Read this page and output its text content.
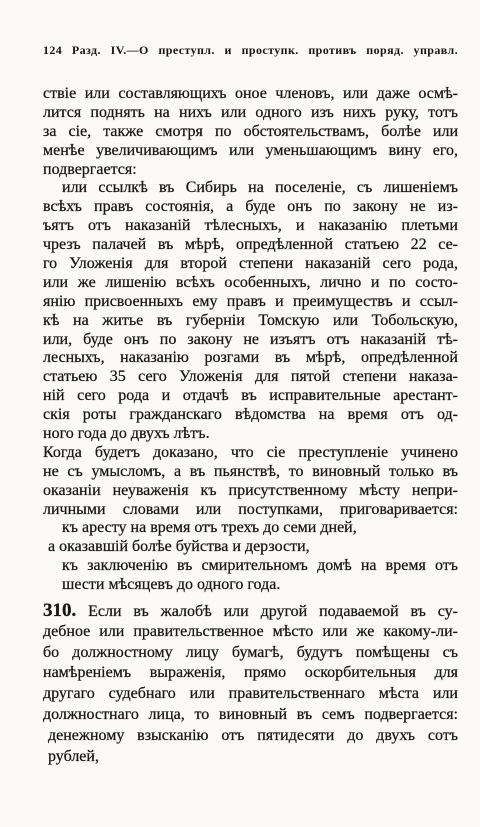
124 Разд. IV.—О преступл. и проступк. противъ поряд. управл.
ствіе или составляющихъ оное членовъ, или даже осмѣ-
лится поднять на нихъ или одного изъ нихъ руку, тотъ
за сіе, также смотря по обстоятельствамъ, болѣе или
менѣе увеличивающимъ или уменьшающимъ вину его,
подвергается:
или ссылкѣ въ Сибирь на поселеніе, съ лишеніемъ
всѣхъ правъ состоянія, а буде онъ по закону не из-
ъятъ отъ наказаній тѣлесныхъ, и наказанію плетьми
чрезъ палачей въ мѣрѣ, опредѣленной статьею 22 се-
го Уложенія для второй степени наказаній сего рода,
или же лишенію всѣхъ особенныхъ, лично и по состо-
янію присвоенныхъ ему правъ и преимуществъ и ссыл-
кѣ на житье въ губерніи Томскую или Тобольскую,
или, буде онъ по закону не изъятъ отъ наказаній тѣ-
лесныхъ, наказанію розгами въ мѣрѣ, опредѣленной
статьею 35 сего Уложенія для пятой степени наказа-
ній сего рода и отдачѣ въ исправительные арестант-
скія роты гражданскаго вѣдомства на время отъ од-
ного года до двухъ лѣтъ.
Когда будетъ доказано, что сіе преступленіе учинено
не съ умысломъ, а въ пьянствѣ, то виновный только въ
оказаніи неуваженія къ присутственному мѣсту непри-
личными словами или поступками, приговаривается:
къ аресту на время отъ трехъ до семи дней,
а оказавшій болѣе буйства и дерзости,
къ заключенію въ смирительномъ домѣ на время отъ
шести мѣсяцевъ до одного года.
310. Если въ жалобѣ или другой подаваемой въ су-
дебное или правительственное мѣсто или же какому-ли-
бо должностному лицу бумагѣ, будутъ помѣщены съ
намѣреніемъ выраженія, прямо оскорбительныя для
другаго судебнаго или правительственнаго мѣста или
должностнаго лица, то виновный въ семъ подвергается:
денежному взысканію отъ пятидесяти до двухъ сотъ
рублей,
